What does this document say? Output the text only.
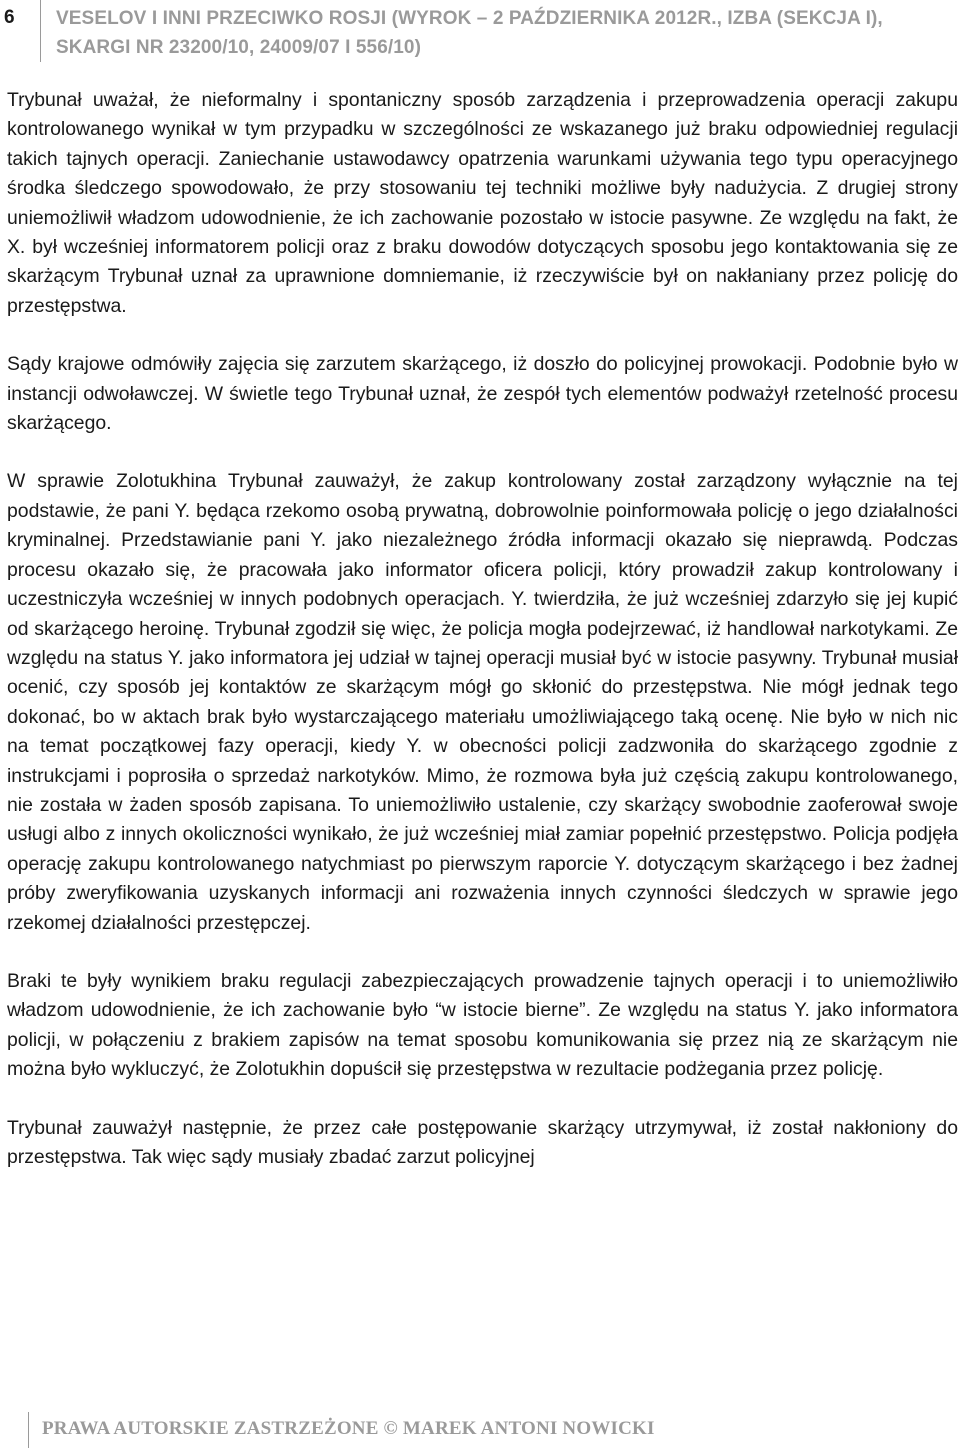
6 VESELOV I INNI PRZECIWKO ROSJI (WYROK – 2 PAŹDZIERNIKA 2012R., IZBA (SEKCJA I), SKARGI NR 23200/10, 24009/07 I 556/10)

Trybunał uważał, że nieformalny i spontaniczny sposób zarządzenia i przeprowadzenia operacji zakupu kontrolowanego wynikał w tym przypadku w szczególności ze wskazanego już braku odpowiedniej regulacji takich tajnych operacji. Zaniechanie ustawodawcy opatrzenia warunkami używania tego typu operacyjnego środka śledczego spowodowało, że przy stosowaniu tej techniki możliwe były nadużycia. Z drugiej strony uniemożliwił władzom udowodnienie, że ich zachowanie pozostało w istocie pasywne. Ze względu na fakt, że X. był wcześniej informatorem policji oraz z braku dowodów dotyczących sposobu jego kontaktowania się ze skarżącym Trybunał uznał za uprawnione domniemanie, iż rzeczywiście był on nakłaniany przez policję do przestępstwa.

Sądy krajowe odmówiły zajęcia się zarzutem skarżącego, iż doszło do policyjnej prowokacji. Podobnie było w instancji odwoławczej. W świetle tego Trybunał uznał, że zespół tych elementów podważył rzetelność procesu skarżącego.

W sprawie Zolotukhina Trybunał zauważył, że zakup kontrolowany został zarządzony wyłącznie na tej podstawie, że pani Y. będąca rzekomo osobą prywatną, dobrowolnie poinformowała policję o jego działalności kryminalnej. Przedstawianie pani Y. jako niezależnego źródła informacji okazało się nieprawdą. Podczas procesu okazało się, że pracowała jako informator oficera policji, który prowadził zakup kontrolowany i uczestniczyła wcześniej w innych podobnych operacjach. Y. twierdziła, że już wcześniej zdarzyło się jej kupić od skarżącego heroinę. Trybunał zgodził się więc, że policja mogła podejrzewać, iż handlował narkotykami. Ze względu na status Y. jako informatora jej udział w tajnej operacji musiał być w istocie pasywny. Trybunał musiał ocenić, czy sposób jej kontaktów ze skarżącym mógł go skłonić do przestępstwa. Nie mógł jednak tego dokonać, bo w aktach brak było wystarczającego materiału umożliwiającego taką ocenę. Nie było w nich nic na temat początkowej fazy operacji, kiedy Y. w obecności policji zadzwoniła do skarżącego zgodnie z instrukcjami i poprosiła o sprzedaż narkotyków. Mimo, że rozmowa była już częścią zakupu kontrolowanego, nie została w żaden sposób zapisana. To uniemożliwiło ustalenie, czy skarżący swobodnie zaoferował swoje usługi albo z innych okoliczności wynikało, że już wcześniej miał zamiar popełnić przestępstwo. Policja podjęła operację zakupu kontrolowanego natychmiast po pierwszym raporcie Y. dotyczącym skarżącego i bez żadnej próby zweryfikowania uzyskanych informacji ani rozważenia innych czynności śledczych w sprawie jego rzekomej działalności przestępczej.

Braki te były wynikiem braku regulacji zabezpieczających prowadzenie tajnych operacji i to uniemożliwiło władzom udowodnienie, że ich zachowanie było “w istocie bierne”. Ze względu na status Y. jako informatora policji, w połączeniu z brakiem zapisów na temat sposobu komunikowania się przez nią ze skarżącym nie można było wykluczyć, że Zolotukhin dopuścił się przestępstwa w rezultacie podżegania przez policję.

Trybunał zauważył następnie, że przez całe postępowanie skarżący utrzymywał, iż został nakłoniony do przestępstwa. Tak więc sądy musiały zbadać zarzut policyjnej

PRAWA AUTORSKIE ZASTRZEŻONE © MAREK ANTONI NOWICKI
